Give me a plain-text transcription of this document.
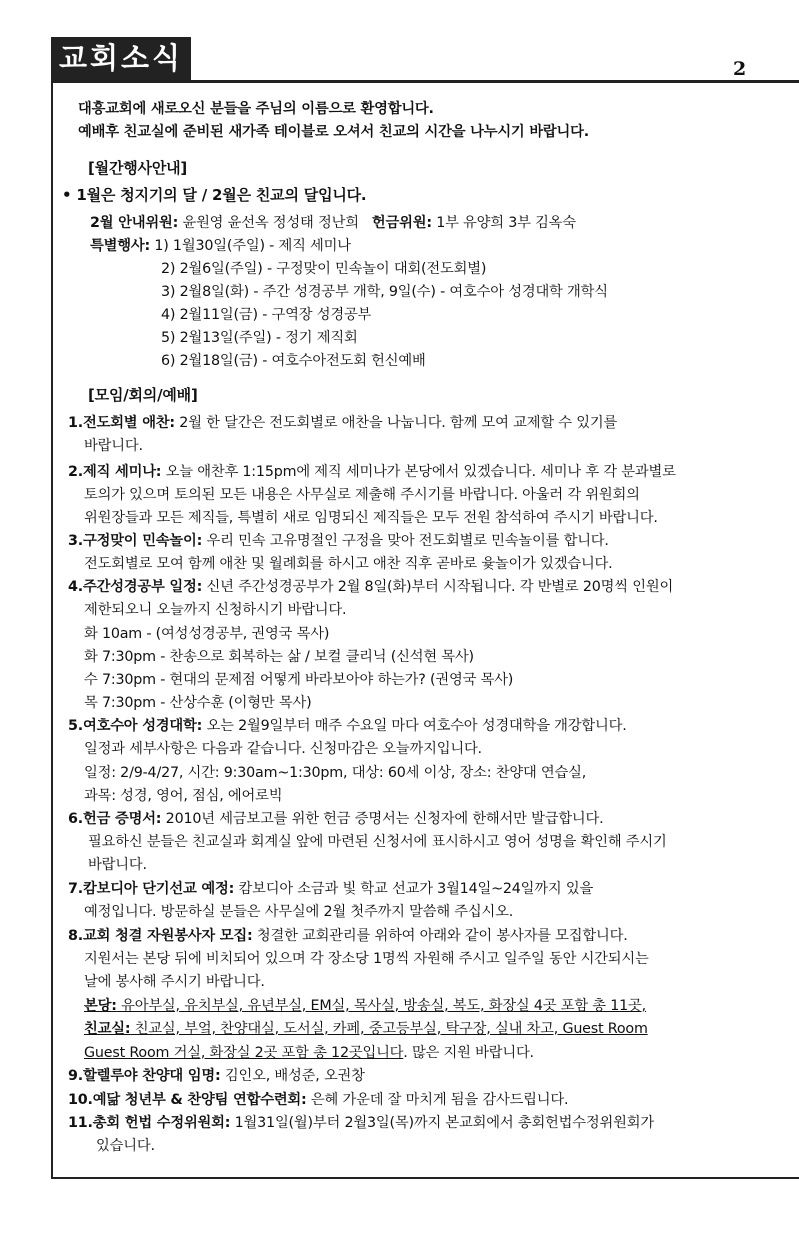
교회소식	2
대흥교회에 새로오신 분들을 주님의 이름으로 환영합니다.
예배후 친교실에 준비된 새가족 테이블로 오셔서 친교의 시간을 나누시기 바랍니다.
[월간행사안내]
• 1월은 청지기의 달 / 2월은 친교의 달입니다.
2월 안내위원: 윤원영 윤선옥 정성태 정난희 헌금위원: 1부 유양희 3부 김옥숙
특별행사: 1) 1월30일(주일) - 제직 세미나
2) 2월6일(주일) - 구정맞이 민속놀이 대회(전도회별)
3) 2월8일(화) - 주간 성경공부 개학, 9일(수) - 여호수아 성경대학 개학식
4) 2월11일(금) - 구역장 성경공부
5) 2월13일(주일) - 정기 제직회
6) 2월18일(금) - 여호수아전도회 헌신예배
[모임/회의/예배]
1.전도회별 애찬: 2월 한 달간은 전도회별로 애찬을 나눕니다. 함께 모여 교제할 수 있기를
바랍니다.
2.제직 세미나: 오늘 애찬후 1:15pm에 제직 세미나가 본당에서 있겠습니다. 세미나 후 각 분과별로
토의가 있으며 토의된 모든 내용은 사무실로 제출해 주시기를 바랍니다. 아울러 각 위원회의
위원장들과 모든 제직들, 특별히 새로 임명되신 제직들은 모두 전원 참석하여 주시기 바랍니다.
3.구정맞이 민속놀이: 우리 민속 고유명절인 구정을 맞아 전도회별로 민속놀이를 합니다.
전도회별로 모여 함께 애찬 및 월례회를 하시고 애찬 직후 곧바로 윷놀이가 있겠습니다.
4.주간성경공부 일정: 신년 주간성경공부가 2월 8일(화)부터 시작됩니다. 각 반별로 20명씩 인원이
제한되오니 오늘까지 신청하시기 바랍니다.
화 10am - (여성성경공부, 권영국 목사)
화 7:30pm - 찬송으로 회복하는 삶 / 보컬 클리닉 (신석현 목사)
수 7:30pm - 현대의 문제점 어떻게 바라보아야 하는가? (권영국 목사)
목 7:30pm - 산상수훈 (이형만 목사)
5.여호수아 성경대학: 오는 2월9일부터 매주 수요일 마다 여호수아 성경대학을 개강합니다.
일정과 세부사항은 다음과 같습니다. 신청마감은 오늘까지입니다.
일정: 2/9-4/27, 시간: 9:30am~1:30pm, 대상: 60세 이상, 장소: 찬양대 연습실,
과목: 성경, 영어, 점심, 에어로빅
6.헌금 증명서: 2010년 세금보고를 위한 헌금 증명서는 신청자에 한해서만 발급합니다.
필요하신 분들은 친교실과 회계실 앞에 마련된 신청서에 표시하시고 영어 성명을 확인해 주시기
바랍니다.
7.캄보디아 단기선교 예정: 캄보디아 소금과 빛 학교 선교가 3월14일~24일까지 있을
예정입니다. 방문하실 분들은 사무실에 2월 첫주까지 말씀해 주십시오.
8.교회 청결 자원봉사자 모집: 청결한 교회관리를 위하여 아래와 같이 봉사자를 모집합니다.
지원서는 본당 뒤에 비치되어 있으며 각 장소당 1명씩 자원해 주시고 일주일 동안 시간되시는
날에 봉사해 주시기 바랍니다.
본당: 유아부실, 유치부실, 유년부실, EM실, 목사실, 방송실, 복도, 화장실 4곳 포함 총 11곳,
친교실: 친교실, 부엌, 찬양대실, 도서실, 카페, 중고등부실, 탁구장, 실내 차고, Guest Room
Guest Room 거실, 화장실 2곳 포함 총 12곳입니다. 많은 지원 바랍니다.
9.할렐루야 찬양대 임명: 김인오, 배성준, 오권창
10.예닮 청년부 & 찬양팀 연합수련회: 은혜 가운데 잘 마치게 됨을 감사드립니다.
11.총회 헌법 수정위원회: 1월31일(월)부터 2월3일(목)까지 본교회에서 총회헌법수정위원회가
있습니다.
